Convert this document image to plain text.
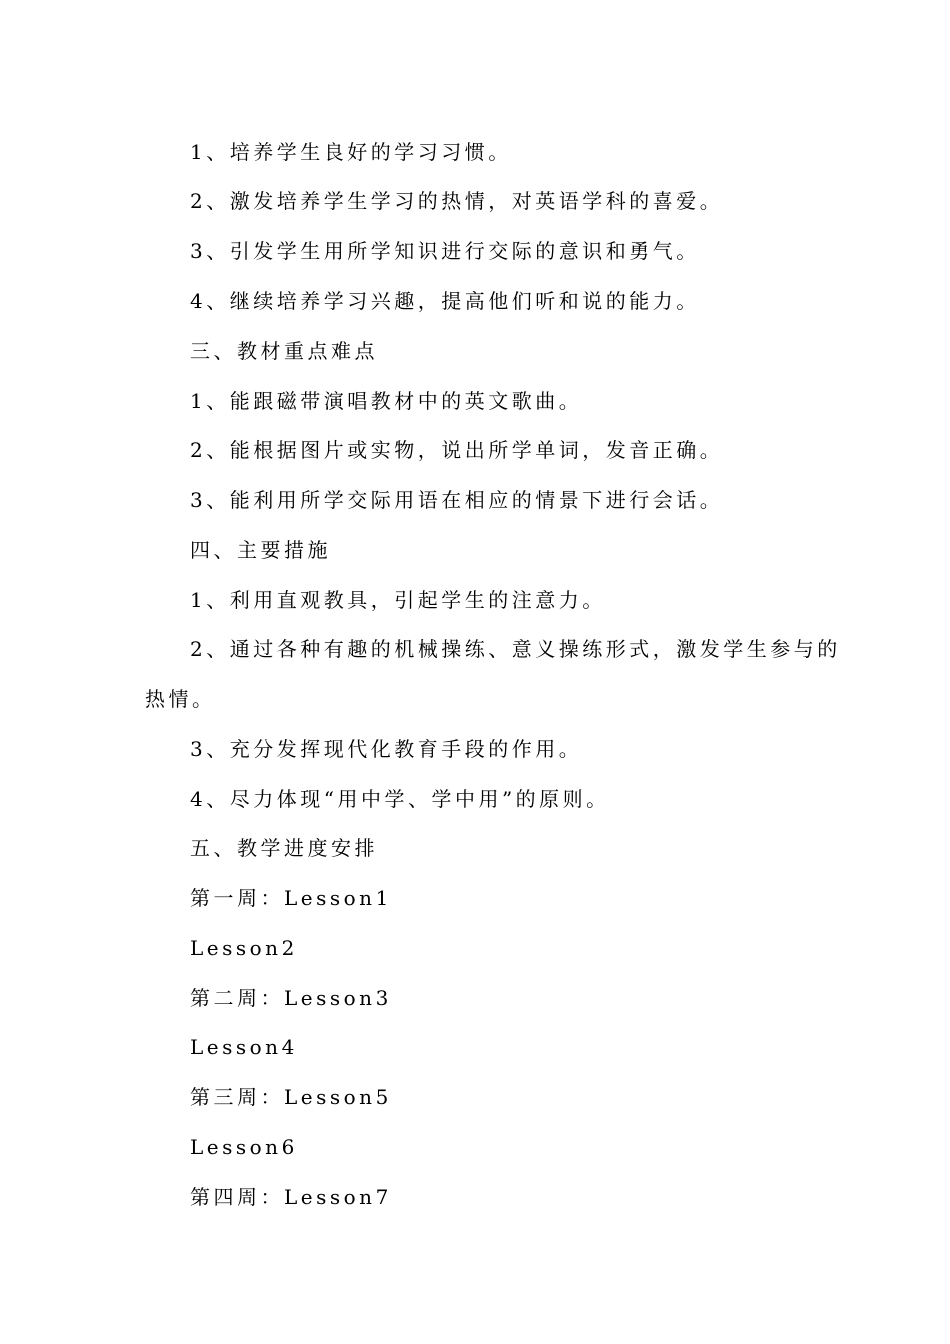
1、培养学生良好的学习习惯。
2、激发培养学生学习的热情，对英语学科的喜爱。
3、引发学生用所学知识进行交际的意识和勇气。
4、继续培养学习兴趣，提高他们听和说的能力。
三、教材重点难点
1、能跟磁带演唱教材中的英文歌曲。
2、能根据图片或实物，说出所学单词，发音正确。
3、能利用所学交际用语在相应的情景下进行会话。
四、主要措施
1、利用直观教具，引起学生的注意力。
2、通过各种有趣的机械操练、意义操练形式，激发学生参与的
热情。
3、充分发挥现代化教育手段的作用。
4、尽力体现“用中学、学中用”的原则。
五、教学进度安排
第一周：Lesson1
Lesson2
第二周：Lesson3
Lesson4
第三周：Lesson5
Lesson6
第四周：Lesson7
